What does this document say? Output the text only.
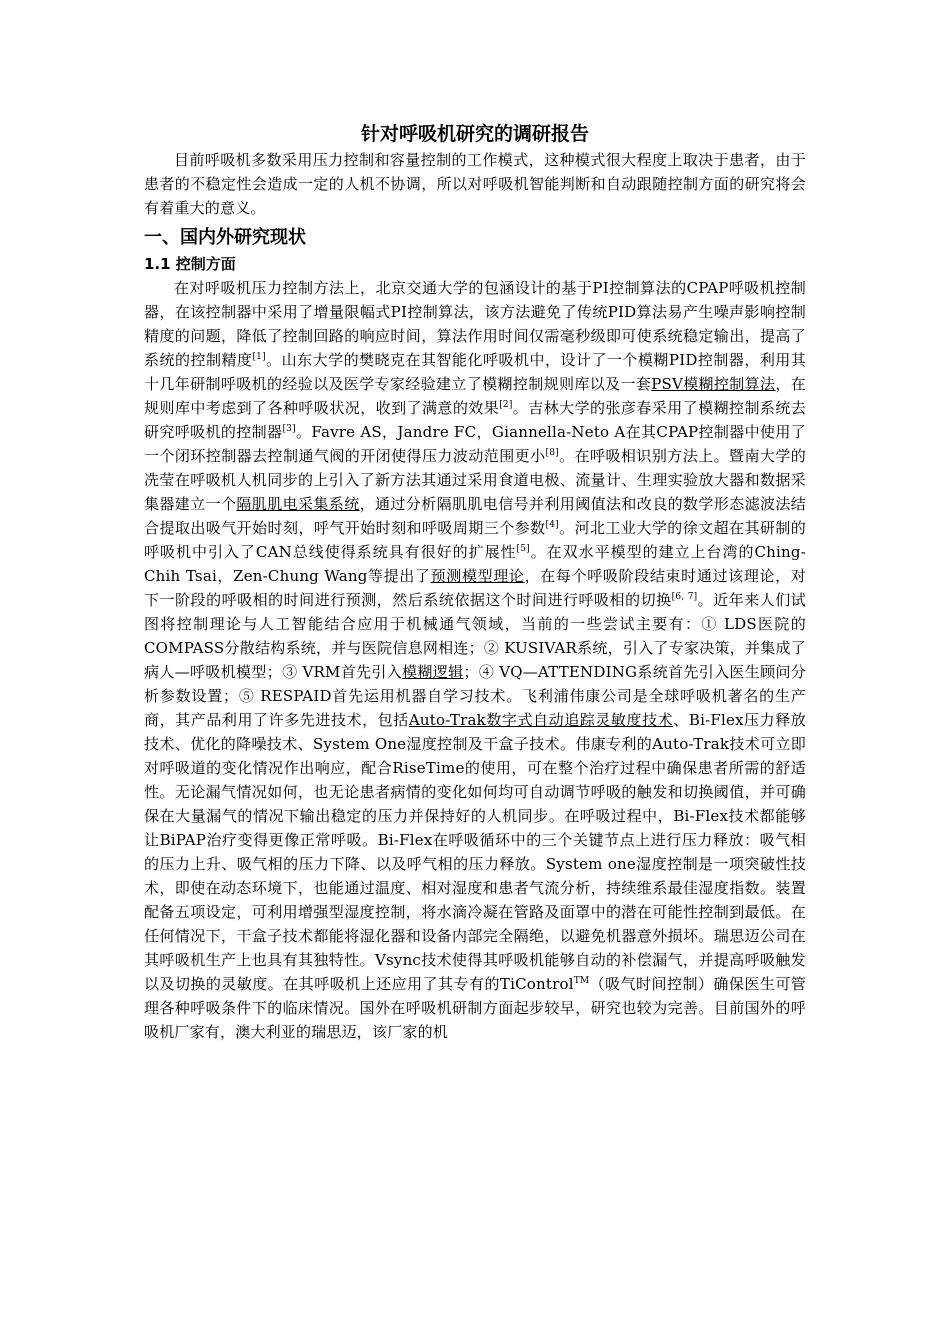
针对呼吸机研究的调研报告

目前呼吸机多数采用压力控制和容量控制的工作模式，这种模式很大程度上取决于患者，由于患者的不稳定性会造成一定的人机不协调，所以对呼吸机智能判断和自动跟随控制方面的研究将会有着重大的意义。

一、国内外研究现状
1.1 控制方面

在对呼吸机压力控制方法上，北京交通大学的包涵设计的基于PI控制算法的CPAP呼吸机控制器，在该控制器中采用了增量限幅式PI控制算法，该方法避免了传统PID算法易产生噪声影响控制精度的问题，降低了控制回路的响应时间，算法作用时间仅需毫秒级即可使系统稳定输出，提高了系统的控制精度[1]。山东大学的樊晓克在其智能化呼吸机中，设计了一个模糊PID控制器，利用其十几年研制呼吸机的经验以及医学专家经验建立了模糊控制规则库以及一套PSV模糊控制算法，在规则库中考虑到了各种呼吸状况，收到了满意的效果[2]。吉林大学的张彦春采用了模糊控制系统去研究呼吸机的控制器[3]。Favre AS，Jandre FC，Giannella-Neto A在其CPAP控制器中使用了一个闭环控制器去控制通气阀的开闭使得压力波动范围更小[8]。在呼吸相识别方法上。暨南大学的冼莹在呼吸机人机同步的上引入了新方法其通过采用食道电极、流量计、生理实验放大器和数据采集器建立一个隔肌肌电采集系统，通过分析隔肌肌电信号并利用阈值法和改良的数学形态滤波法结合提取出吸气开始时刻，呼气开始时刻和呼吸周期三个参数[4]。河北工业大学的徐文超在其研制的呼吸机中引入了CAN总线使得系统具有很好的扩展性[5]。在双水平模型的建立上台湾的Ching-Chih Tsai，Zen-Chung Wang等提出了预测模型理论，在每个呼吸阶段结束时通过该理论，对下一阶段的呼吸相的时间进行预测，然后系统依据这个时间进行呼吸相的切换[6, 7]。近年来人们试图将控制理论与人工智能结合应用于机械通气领域，当前的一些尝试主要有：① LDS医院的COMPASS分散结构系统，并与医院信息网相连；② KUSIVAR系统，引入了专家决策，并集成了病人—呼吸机模型；③ VRM首先引入模糊逻辑；④ VQ—ATTENDING系统首先引入医生顾问分析参数设置；⑤ RESPAID首先运用机器自学习技术。飞利浦伟康公司是全球呼吸机著名的生产商，其产品利用了许多先进技术，包括Auto-Trak数字式自动追踪灵敏度技术、Bi-Flex压力释放技术、优化的降噪技术、System One湿度控制及干盒子技术。伟康专利的Auto-Trak技术可立即对呼吸道的变化情况作出响应，配合RiseTime的使用，可在整个治疗过程中确保患者所需的舒适性。无论漏气情况如何，也无论患者病情的变化如何均可自动调节呼吸的触发和切换阈值，并可确保在大量漏气的情况下输出稳定的压力并保持好的人机同步。在呼吸过程中，Bi-Flex技术都能够让BiPAP治疗变得更像正常呼吸。Bi-Flex在呼吸循环中的三个关键节点上进行压力释放：吸气相的压力上升、吸气相的压力下降、以及呼气相的压力释放。System one湿度控制是一项突破性技术，即使在动态环境下，也能通过温度、相对湿度和患者气流分析，持续维系最佳湿度指数。装置配备五项设定，可利用增强型湿度控制，将水滴冷凝在管路及面罩中的潜在可能性控制到最低。在任何情况下，干盒子技术都能将湿化器和设备内部完全隔绝，以避免机器意外损坏。瑞思迈公司在其呼吸机生产上也具有其独特性。Vsync技术使得其呼吸机能够自动的补偿漏气，并提高呼吸触发以及切换的灵敏度。在其呼吸机上还应用了其专有的TiControl™（吸气时间控制）确保医生可管理各种呼吸条件下的临床情况。国外在呼吸机研制方面起步较早，研究也较为完善。目前国外的呼吸机厂家有，澳大利亚的瑞思迈，该厂家的机
